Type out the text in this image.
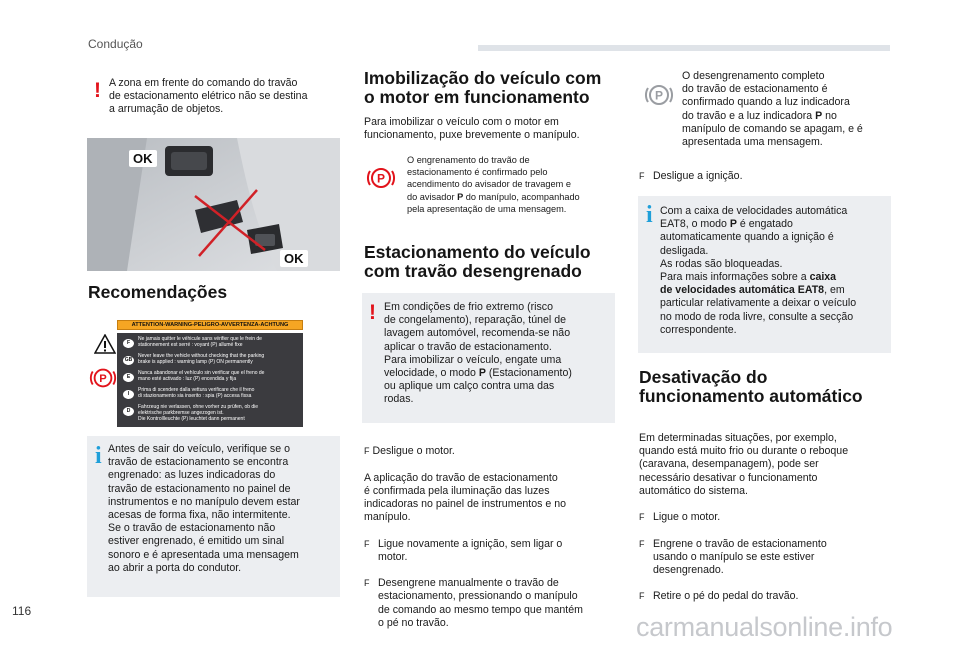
Condução
! A zona em frente do comando do travão
de estacionamento elétrico não se destina
a arrumação de objetos.
OK
OK
Recomendações
P
ATTENTION-WARNING-PELIGRO-AVVERTENZA-ACHTUNG
F
Ne jamais quitter le véhicule sans vérifier que le frein de
stationnement est serré : voyant (P) allumé fixe
GB
Never leave the vehicle without checking that the parking
brake is applied : warning lamp (P) ON permanently
E
Nunca abandonar el vehículo sin verificar que el freno de
mano esté activado : luz (P) encendida y fija
I
Prima di scendere dalla vettura verificare che il freno
di stazionamento sia inserito : spia (P) accesa fissa
D
Fahrzeug nie verlassen, ohne vorher zu prüfen, ob die
elektrische parkbremse angezogen ist.
Die Kontrollleuchte (P) leuchtet dann permanent
i Antes de sair do veículo, verifique se o
travão de estacionamento se encontra
engrenado: as luzes indicadoras do
travão de estacionamento no painel de
instrumentos e no manípulo devem estar
acesas de forma fixa, não intermitente.
Se o travão de estacionamento não
estiver engrenado, é emitido um sinal
sonoro e é apresentada uma mensagem
ao abrir a porta do condutor.
Imobilização do veículo com
o motor em funcionamento
Para imobilizar o veículo com o motor em
funcionamento, puxe brevemente o manípulo.
P
O engrenamento do travão de
estacionamento é confirmado pelo
acendimento do avisador de travagem e
do avisador P do manípulo, acompanhado
pela apresentação de uma mensagem.
Estacionamento do veículo
com travão desengrenado
! Em condições de frio extremo (risco
de congelamento), reparação, túnel de
lavagem automóvel, recomenda-se não
aplicar o travão de estacionamento.
Para imobilizar o veículo, engate uma
velocidade, o modo P (Estacionamento)
ou aplique um calço contra uma das
rodas.

F Desligue o motor.

A aplicação do travão de estacionamento
é confirmada pela iluminação das luzes
indicadoras no painel de instrumentos e no
manípulo.

F Ligue novamente a ignição, sem ligar o
motor.

F Desengrene manualmente o travão de
estacionamento, pressionando o manípulo
de comando ao mesmo tempo que mantém
o pé no travão.

P
O desengrenamento completo
do travão de estacionamento é
confirmado quando a luz indicadora
do travão e a luz indicadora P no
manípulo de comando se apagam, e é
apresentada uma mensagem.
F Desligue a ignição.
i Com a caixa de velocidades automática
EAT8, o modo P é engatado
automaticamente quando a ignição é
desligada.
As rodas são bloqueadas.
Para mais informações sobre a caixa
de velocidades automática EAT8, em
particular relativamente a deixar o veículo
no modo de roda livre, consulte a secção
correspondente.
Desativação do
funcionamento automático
Em determinadas situações, por exemplo,
quando está muito frio ou durante o reboque
(caravana, desempanagem), pode ser
necessário desativar o funcionamento
automático do sistema.

F Ligue o motor.

F Engrene o travão de estacionamento
usando o manípulo se este estiver
desengrenado.

F Retire o pé do pedal do travão.

116
carmanualsonline.info
